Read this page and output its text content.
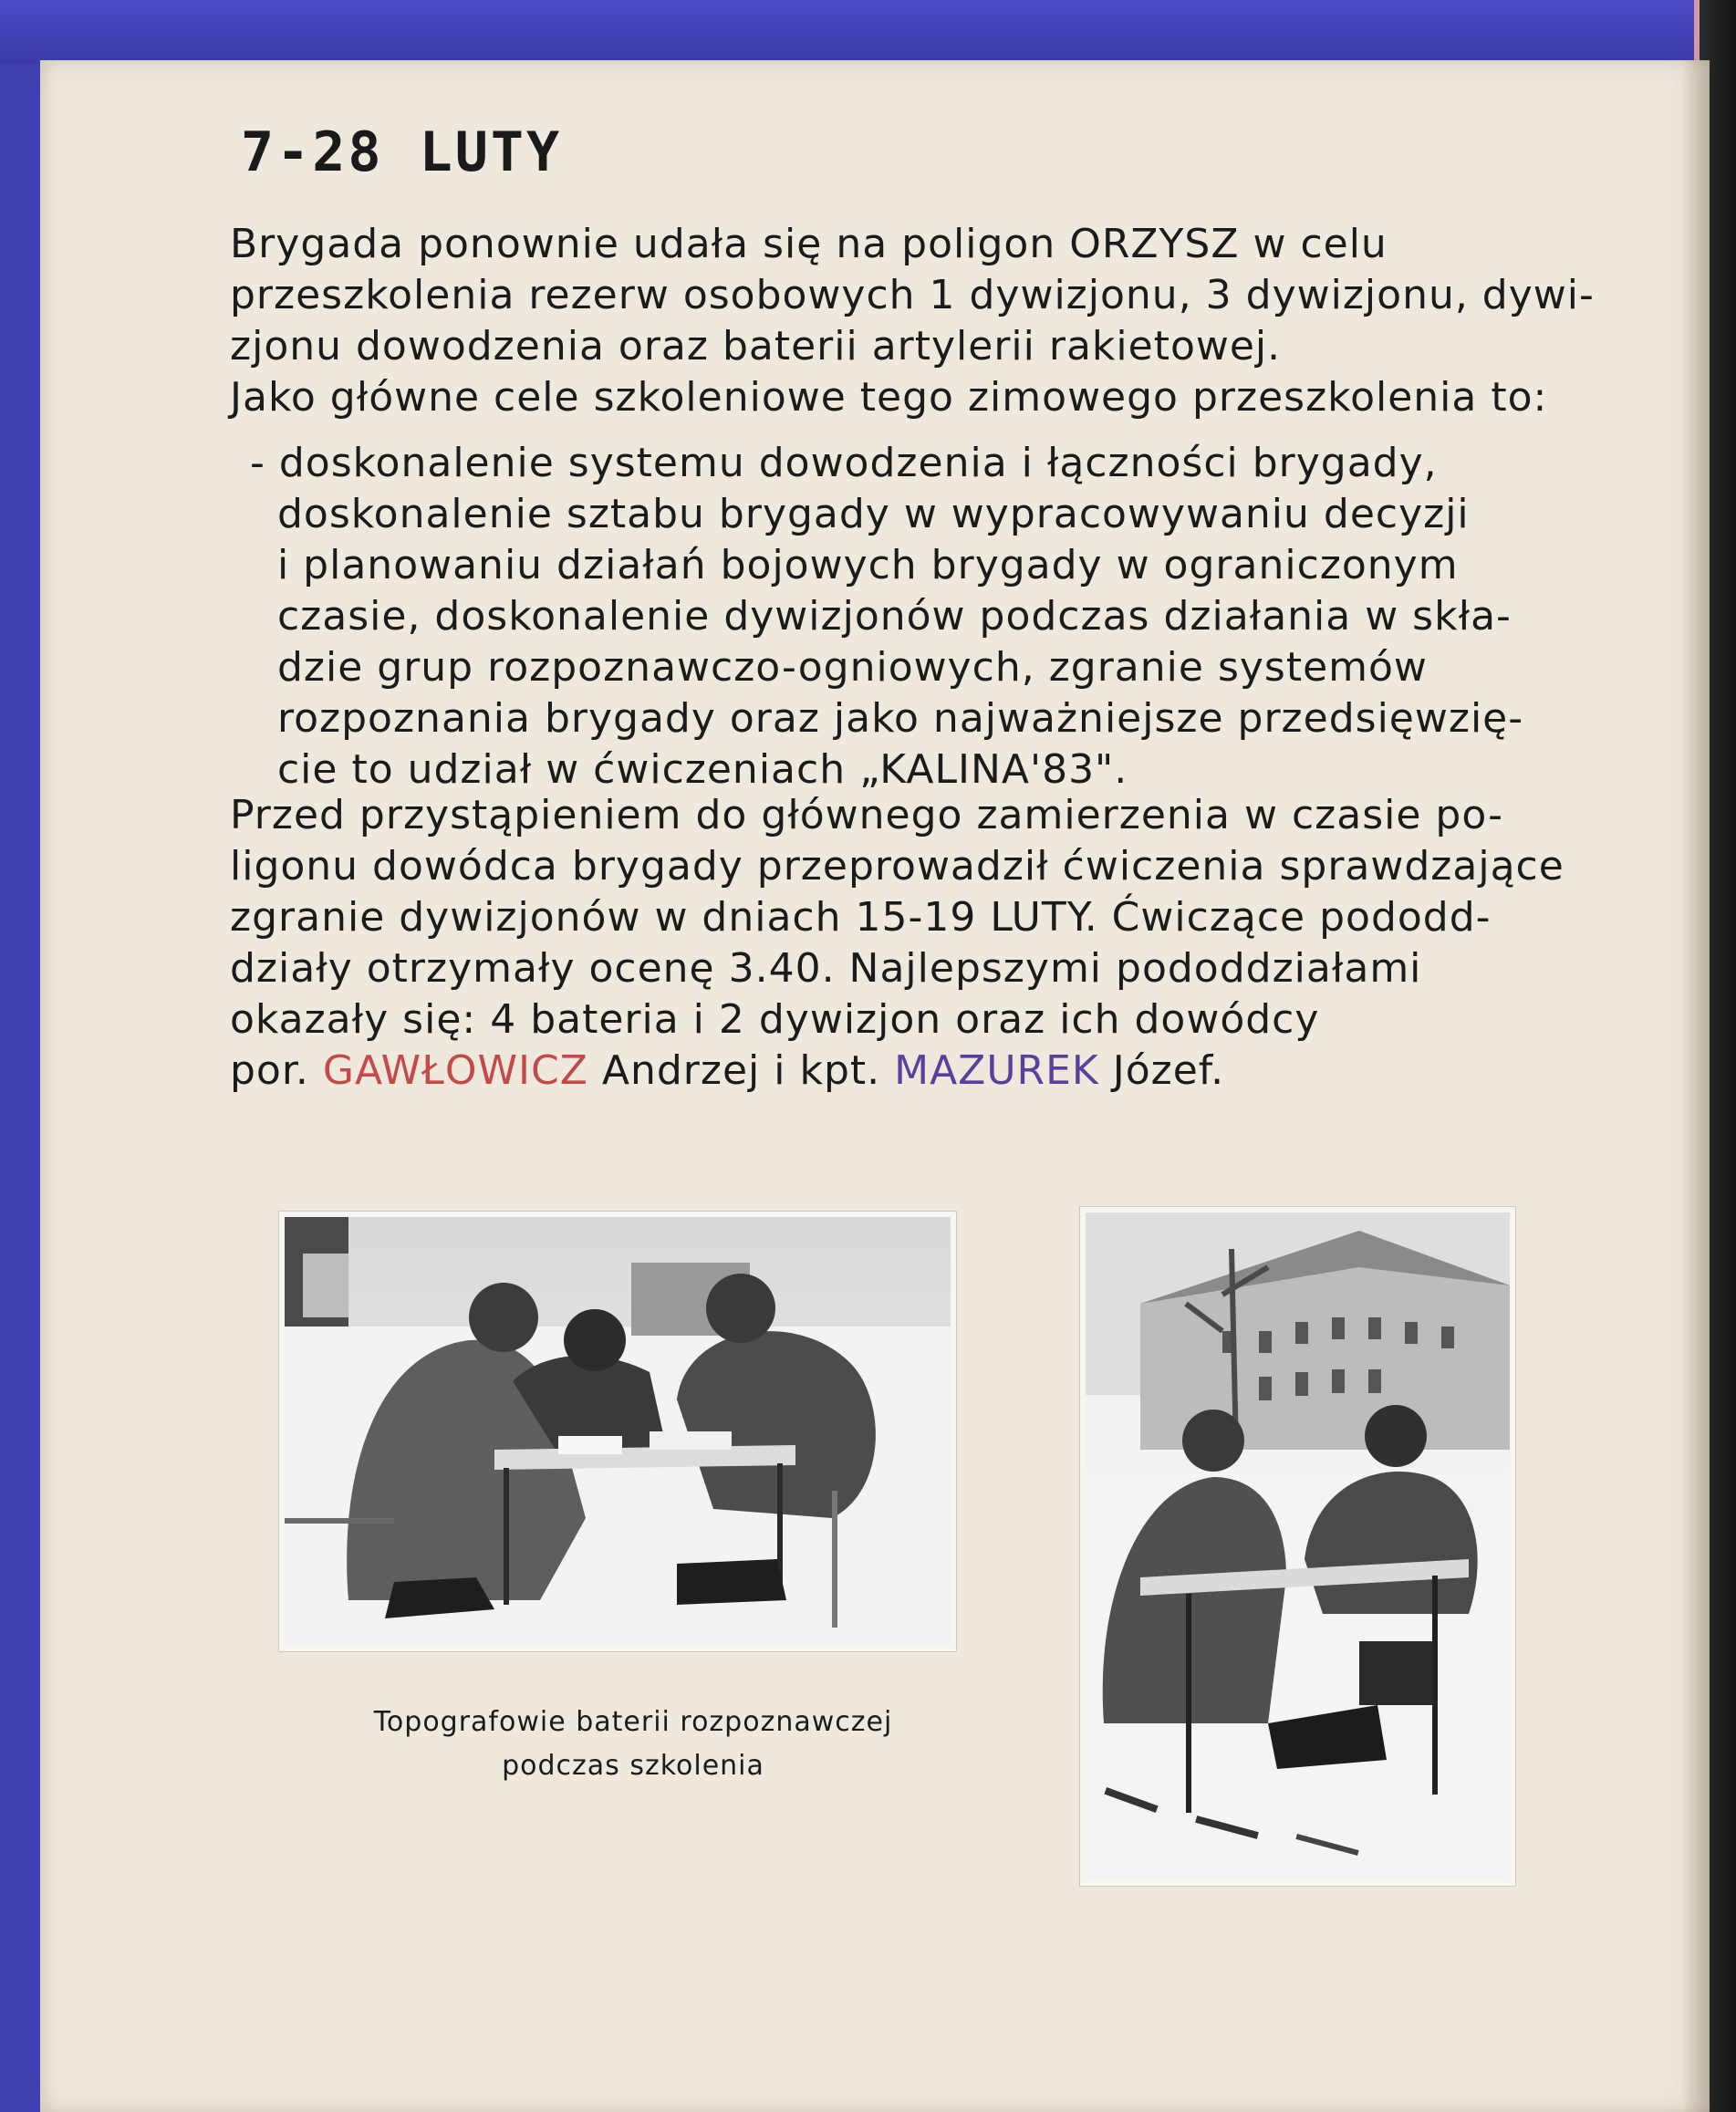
7-28 LUTY
Brygada ponownie udała się na poligon ORZYSZ w celu
przeszkolenia rezerw osobowych 1 dywizjonu, 3 dywizjonu, dywi-
zjonu dowodzenia oraz baterii artylerii rakietowej.
Jako główne cele szkoleniowe tego zimowego przeszkolenia to:
- doskonalenie systemu dowodzenia i łączności brygady,
doskonalenie sztabu brygady w wypracowywaniu decyzji
i planowaniu działań bojowych brygady w ograniczonym
czasie, doskonalenie dywizjonów podczas działania w skła-
dzie grup rozpoznawczo-ogniowych, zgranie systemów
rozpoznania brygady oraz jako najważniejsze przedsięwzię-
cie to udział w ćwiczeniach „KALINA'83".
Przed przystąpieniem do głównego zamierzenia w czasie po-
ligonu dowódca brygady przeprowadził ćwiczenia sprawdzające
zgranie dywizjonów w dniach 15-19 LUTY. Ćwiczące pododd-
działy otrzymały ocenę 3.40. Najlepszymi pododdziałami
okazały się: 4 bateria i 2 dywizjon oraz ich dowódcy
por. GAWŁOWICZ Andrzej i kpt. MAZUREK Józef.
Topografowie baterii rozpoznawczej
podczas szkolenia
